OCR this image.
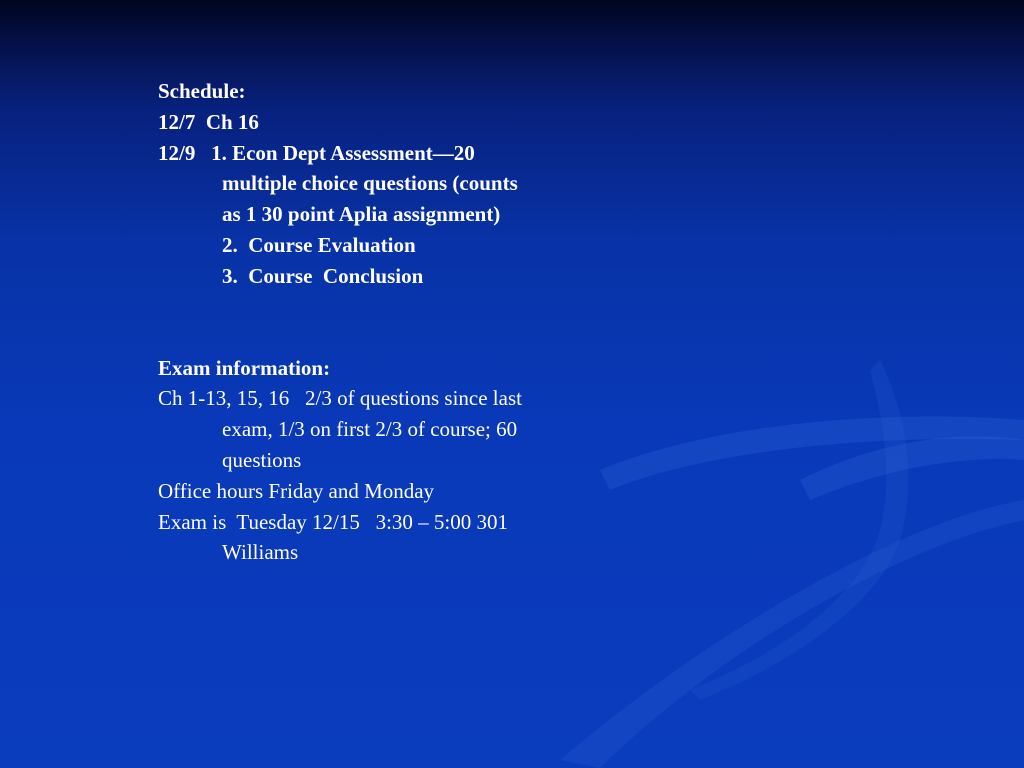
Schedule:
12/7  Ch 16
12/9   1. Econ Dept Assessment—20
multiple choice questions (counts
as 1 30 point Aplia assignment)
2.  Course Evaluation
3.  Course  Conclusion
Exam information:
Ch 1-13, 15, 16   2/3 of questions since last
exam, 1/3 on first 2/3 of course; 60
questions
Office hours Friday and Monday
Exam is  Tuesday 12/15   3:30 – 5:00 301
Williams
